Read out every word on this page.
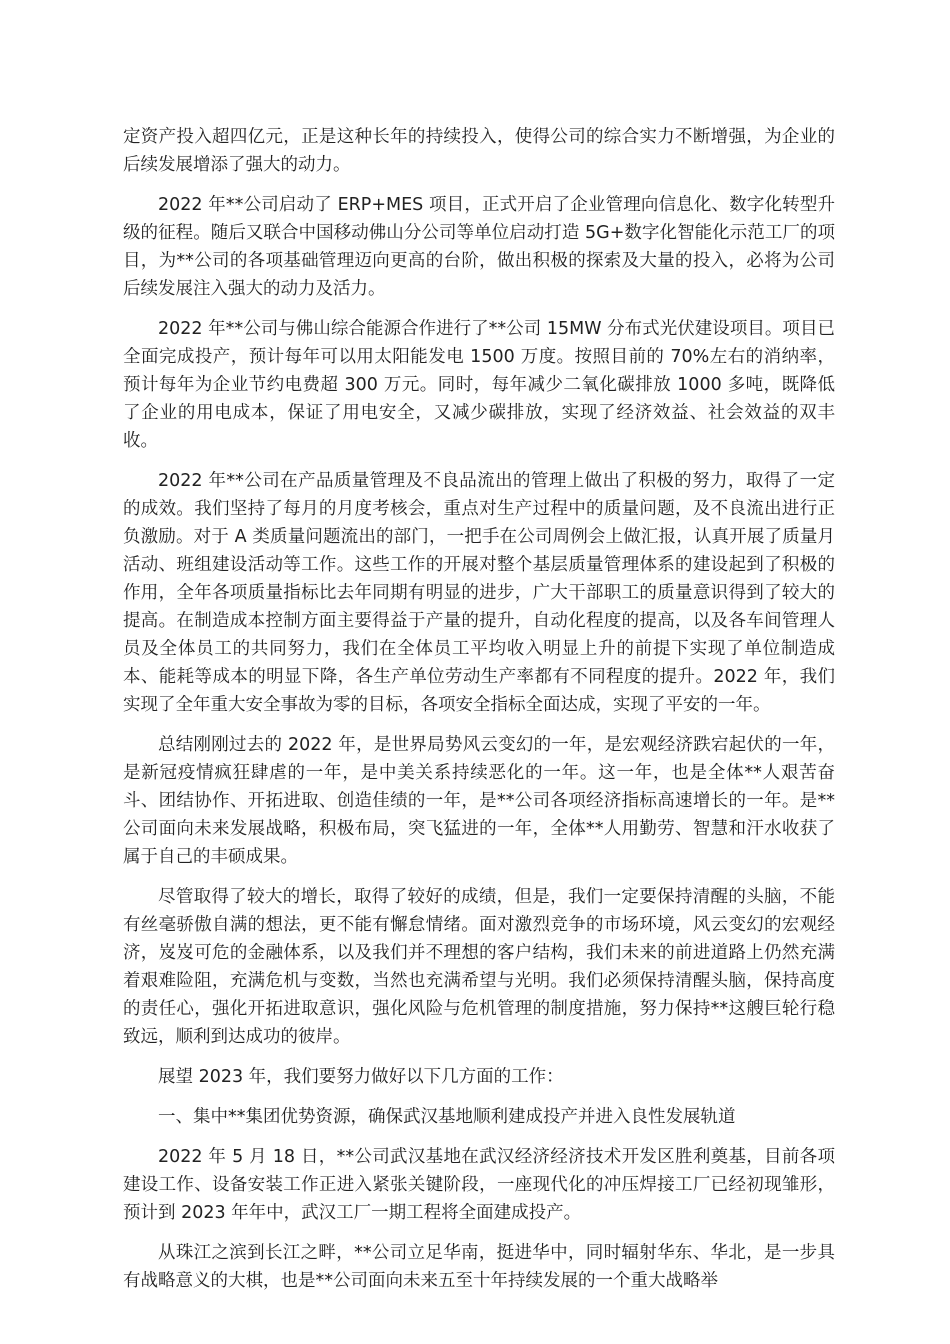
定资产投入超四亿元，正是这种长年的持续投入，使得公司的综合实力不断增强，为企业的后续发展增添了强大的动力。

2022 年**公司启动了 ERP+MES 项目，正式开启了企业管理向信息化、数字化转型升级的征程。随后又联合中国移动佛山分公司等单位启动打造 5G+数字化智能化示范工厂的项目，为**公司的各项基础管理迈向更高的台阶，做出积极的探索及大量的投入，必将为公司后续发展注入强大的动力及活力。

2022 年**公司与佛山综合能源合作进行了**公司 15MW 分布式光伏建设项目。项目已全面完成投产，预计每年可以用太阳能发电 1500 万度。按照目前的 70%左右的消纳率，预计每年为企业节约电费超 300 万元。同时，每年减少二氧化碳排放 1000 多吨，既降低了企业的用电成本，保证了用电安全，又减少碳排放，实现了经济效益、社会效益的双丰收。

2022 年**公司在产品质量管理及不良品流出的管理上做出了积极的努力，取得了一定的成效。我们坚持了每月的月度考核会，重点对生产过程中的质量问题，及不良流出进行正负激励。对于 A 类质量问题流出的部门，一把手在公司周例会上做汇报，认真开展了质量月活动、班组建设活动等工作。这些工作的开展对整个基层质量管理体系的建设起到了积极的作用，全年各项质量指标比去年同期有明显的进步，广大干部职工的质量意识得到了较大的提高。在制造成本控制方面主要得益于产量的提升，自动化程度的提高，以及各车间管理人员及全体员工的共同努力，我们在全体员工平均收入明显上升的前提下实现了单位制造成本、能耗等成本的明显下降，各生产单位劳动生产率都有不同程度的提升。2022 年，我们实现了全年重大安全事故为零的目标，各项安全指标全面达成，实现了平安的一年。

总结刚刚过去的 2022 年，是世界局势风云变幻的一年，是宏观经济跌宕起伏的一年，是新冠疫情疯狂肆虐的一年，是中美关系持续恶化的一年。这一年，也是全体**人艰苦奋斗、团结协作、开拓进取、创造佳绩的一年，是**公司各项经济指标高速增长的一年。是**公司面向未来发展战略，积极布局，突飞猛进的一年，全体**人用勤劳、智慧和汗水收获了属于自己的丰硕成果。

尽管取得了较大的增长，取得了较好的成绩，但是，我们一定要保持清醒的头脑，不能有丝毫骄傲自满的想法，更不能有懈怠情绪。面对激烈竞争的市场环境，风云变幻的宏观经济，岌岌可危的金融体系，以及我们并不理想的客户结构，我们未来的前进道路上仍然充满着艰难险阻，充满危机与变数，当然也充满希望与光明。我们必须保持清醒头脑，保持高度的责任心，强化开拓进取意识，强化风险与危机管理的制度措施，努力保持**这艘巨轮行稳致远，顺利到达成功的彼岸。

展望 2023 年，我们要努力做好以下几方面的工作：

一、集中**集团优势资源，确保武汉基地顺利建成投产并进入良性发展轨道

2022 年 5 月 18 日，**公司武汉基地在武汉经济经济技术开发区胜利奠基，目前各项建设工作、设备安装工作正进入紧张关键阶段，一座现代化的冲压焊接工厂已经初现雏形，预计到 2023 年年中，武汉工厂一期工程将全面建成投产。

从珠江之滨到长江之畔，**公司立足华南，挺进华中，同时辐射华东、华北，是一步具有战略意义的大棋，也是**公司面向未来五至十年持续发展的一个重大战略举
